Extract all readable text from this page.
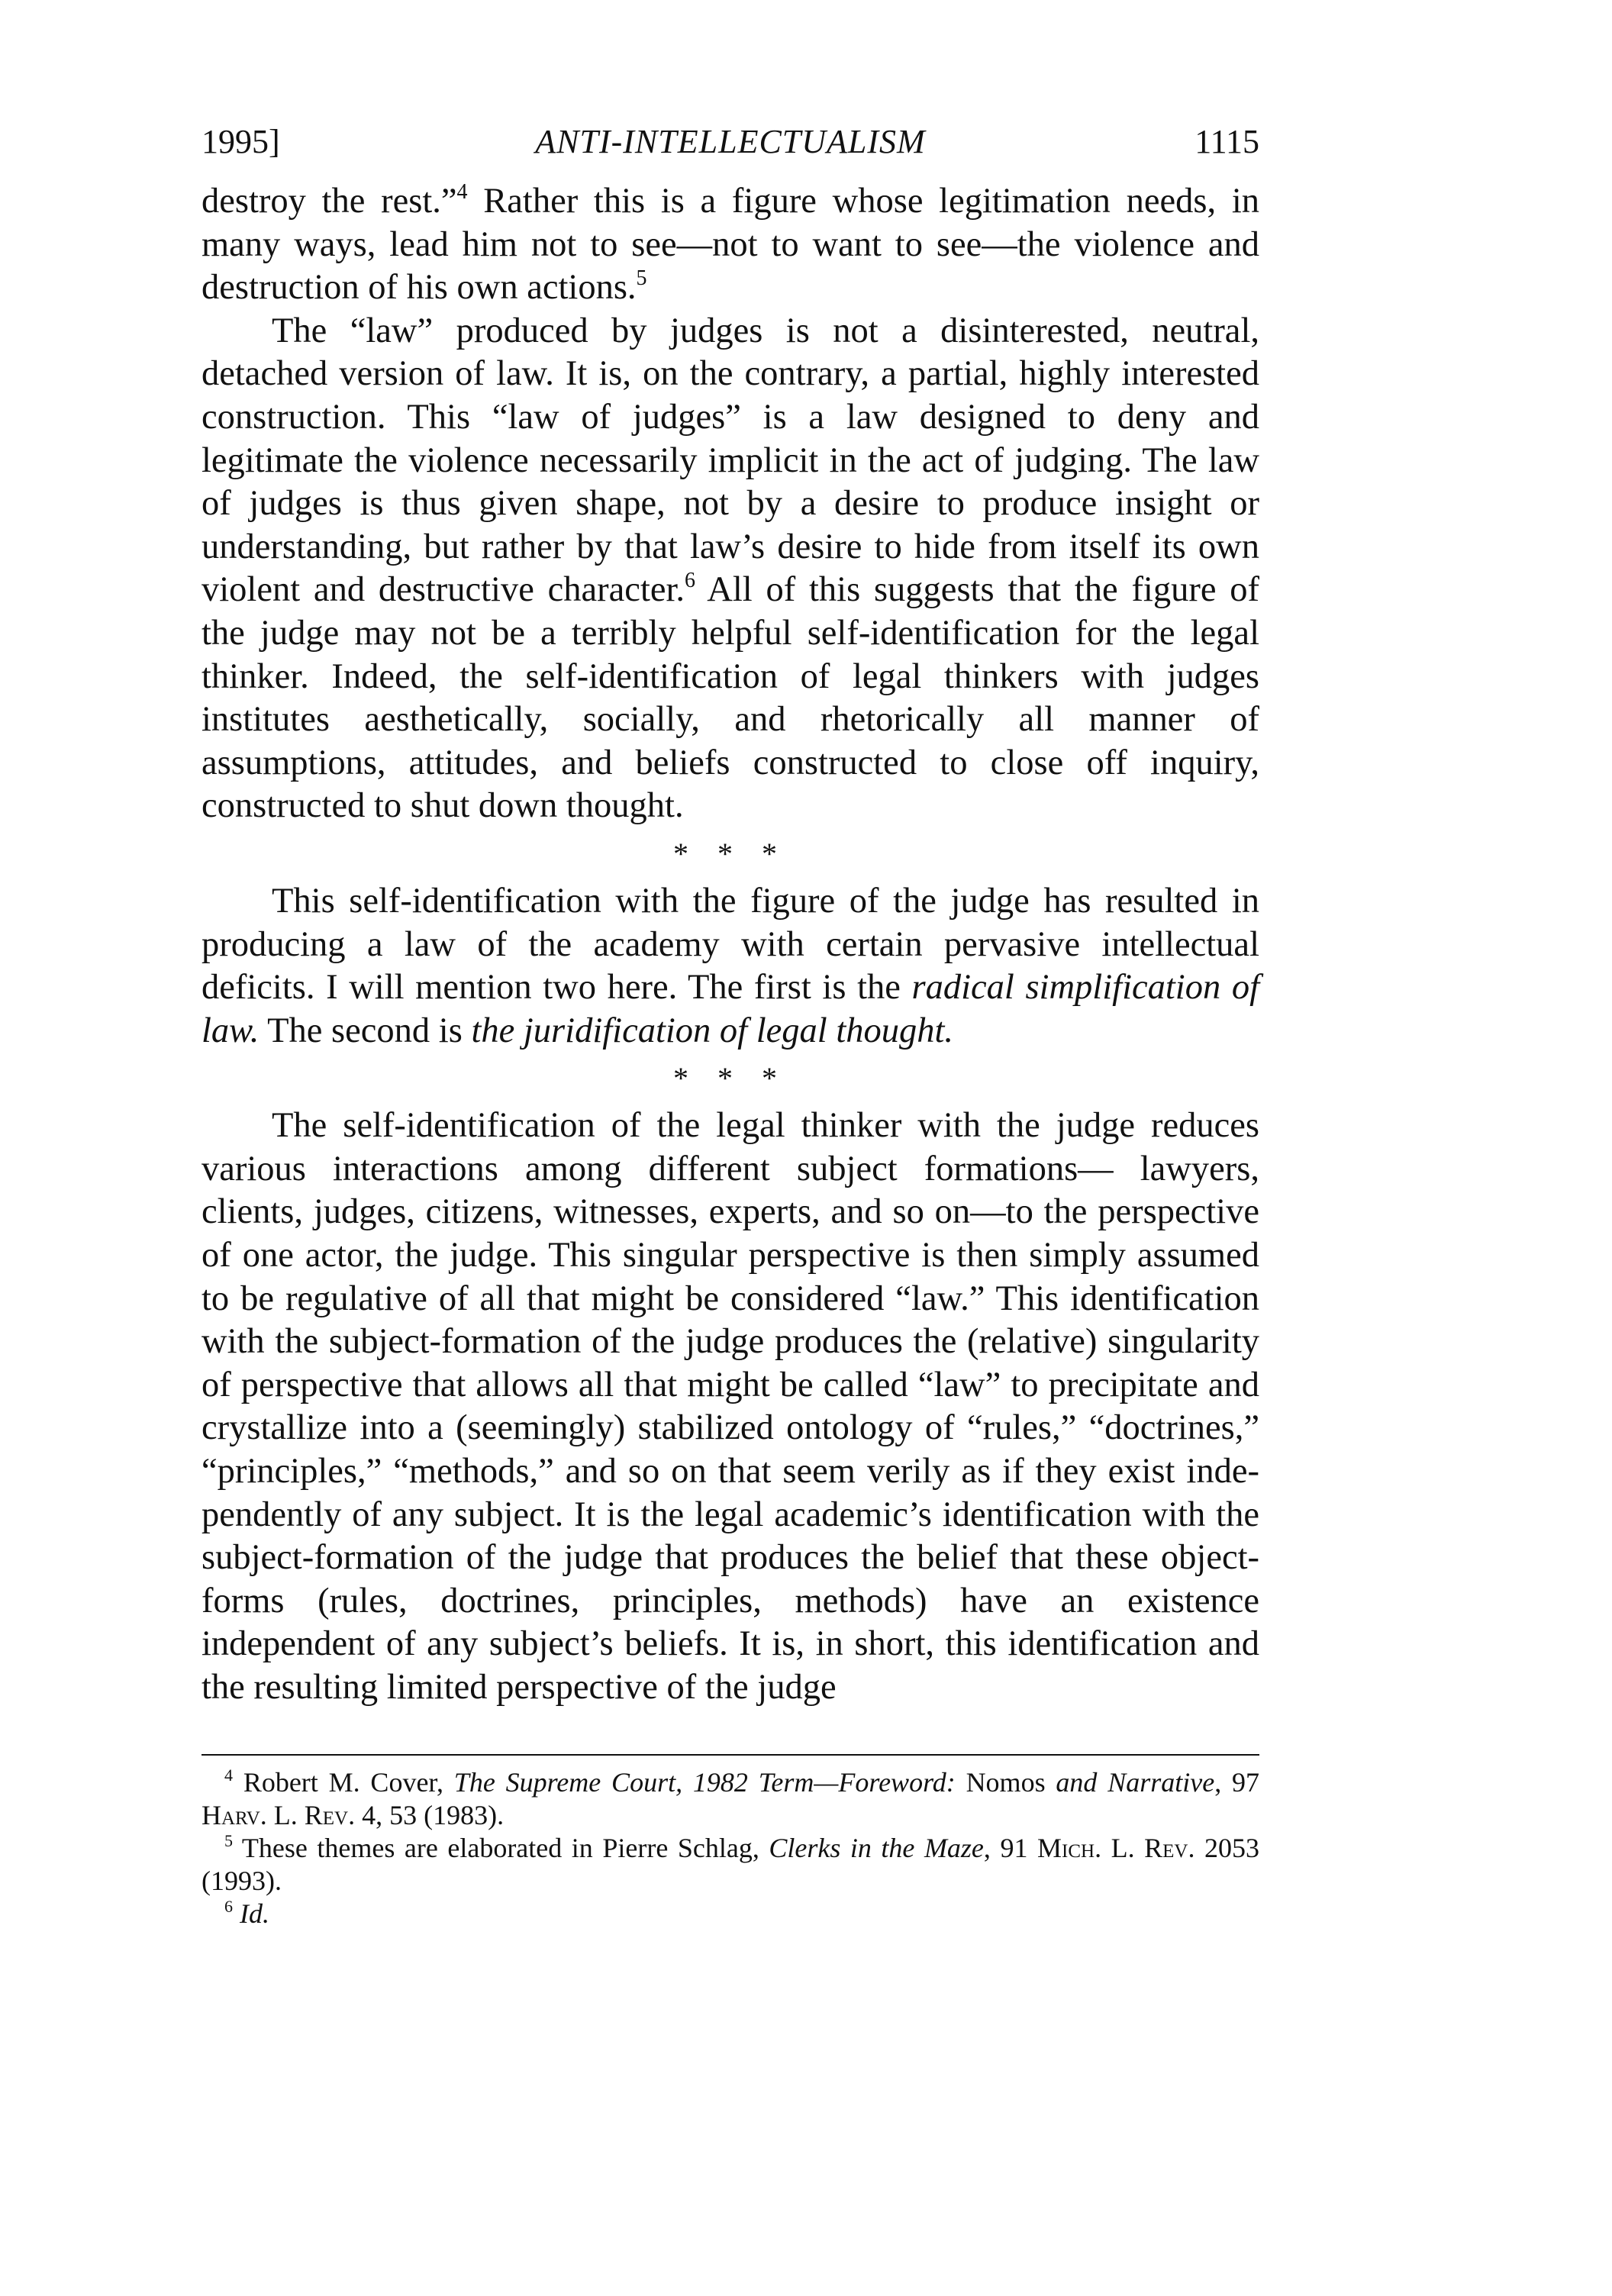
1995]	ANTI-INTELLECTUALISM	1115

destroy the rest.”$^4$ Rather this is a figure whose legitimation needs, in many ways, lead him not to see—not to want to see—the violence and destruction of his own actions.$^5$

The “law” produced by judges is not a disinterested, neutral, detached version of law. It is, on the contrary, a partial, highly interested construction. This “law of judges” is a law designed to deny and legitimate the violence necessarily implicit in the act of judging. The law of judges is thus given shape, not by a desire to produce insight or understanding, but rather by that law’s desire to hide from itself its own violent and destructive character.$^6$ All of this suggests that the figure of the judge may not be a terribly helpful self-identification for the legal thinker. Indeed, the self-identification of legal thinkers with judges institutes aesthetically, socially, and rhetorically all manner of assumptions, attitudes, and beliefs constructed to close off inquiry, constructed to shut down thought.

* * *

This self-identification with the figure of the judge has resulted in producing a law of the academy with certain pervasive intellectual deficits. I will mention two here. The first is the radical simplification of law. The second is the juridification of legal thought.

* * *

The self-identification of the legal thinker with the judge reduces various interactions among different subject formations— lawyers, clients, judges, citizens, witnesses, experts, and so on—to the perspective of one actor, the judge. This singular perspective is then simply assumed to be regulative of all that might be considered “law.” This identification with the subject-formation of the judge produces the (relative) singularity of perspective that allows all that might be called “law” to precipitate and crystallize into a (seemingly) stabilized ontology of “rules,” “doctrines,” “principles,” “methods,” and so on that seem verily as if they exist independently of any subject. It is the legal academic’s identification with the subject-formation of the judge that produces the belief that these object-forms (rules, doctrines, principles, methods) have an existence independent of any subject’s beliefs. It is, in short, this identification and the resulting limited perspective of the judge

$^4$ Robert M. Cover, The Supreme Court, 1982 Term—Foreword: Nomos and Narrative, 97 Harv. L. Rev. 4, 53 (1983).

$^5$ These themes are elaborated in Pierre Schlag, Clerks in the Maze, 91 Mich. L. Rev. 2053 (1993).

$^6$ Id.
